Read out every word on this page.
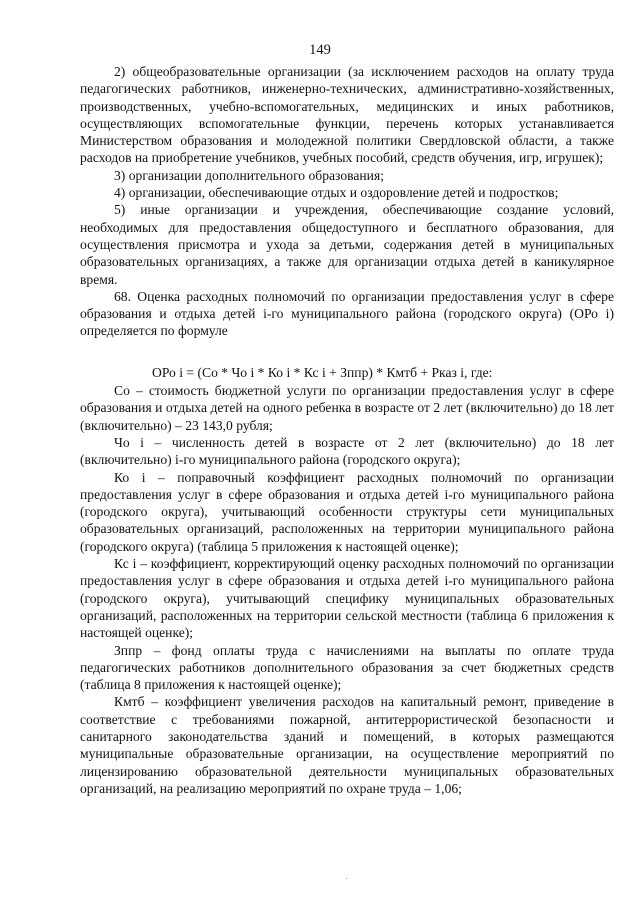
149

2) общеобразовательные организации (за исключением расходов на оплату труда педагогических работников, инженерно-технических, административно-хозяйственных, производственных, учебно-вспомогательных, медицинских и иных работников, осуществляющих вспомогательные функции, перечень которых устанавливается Министерством образования и молодежной политики Свердловской области, а также расходов на приобретение учебников, учебных пособий, средств обучения, игр, игрушек);

3) организации дополнительного образования;

4) организации, обеспечивающие отдых и оздоровление детей и подростков;

5) иные организации и учреждения, обеспечивающие создание условий, необходимых для предоставления общедоступного и бесплатного образования, для осуществления присмотра и ухода за детьми, содержания детей в муниципальных образовательных организациях, а также для организации отдыха детей в каникулярное время.

68. Оценка расходных полномочий по организации предоставления услуг в сфере образования и отдыха детей i-го муниципального района (городского округа) (ОРо i) определяется по формуле

ОРо i = (Со * Чо i * Ко i * Кс i + Зппр) * Кмтб + Рказ i, где:

Со – стоимость бюджетной услуги по организации предоставления услуг в сфере образования и отдыха детей на одного ребенка в возрасте от 2 лет (включительно) до 18 лет (включительно) – 23 143,0 рубля;

Чо i – численность детей в возрасте от 2 лет (включительно) до 18 лет (включительно) i-го муниципального района (городского округа);

Ко i – поправочный коэффициент расходных полномочий по организации предоставления услуг в сфере образования и отдыха детей i-го муниципального района (городского округа), учитывающий особенности структуры сети муниципальных образовательных организаций, расположенных на территории муниципального района (городского округа) (таблица 5 приложения к настоящей оценке);

Кс i – коэффициент, корректирующий оценку расходных полномочий по организации предоставления услуг в сфере образования и отдыха детей i-го муниципального района (городского округа), учитывающий специфику муниципальных образовательных организаций, расположенных на территории сельской местности (таблица 6 приложения к настоящей оценке);

Зппр – фонд оплаты труда с начислениями на выплаты по оплате труда педагогических работников дополнительного образования за счет бюджетных средств (таблица 8 приложения к настоящей оценке);

Кмтб – коэффициент увеличения расходов на капитальный ремонт, приведение в соответствие с требованиями пожарной, антитеррористической безопасности и санитарного законодательства зданий и помещений, в которых размещаются муниципальные образовательные организации, на осуществление мероприятий по лицензированию образовательной деятельности муниципальных образовательных организаций, на реализацию мероприятий по охране труда – 1,06;
